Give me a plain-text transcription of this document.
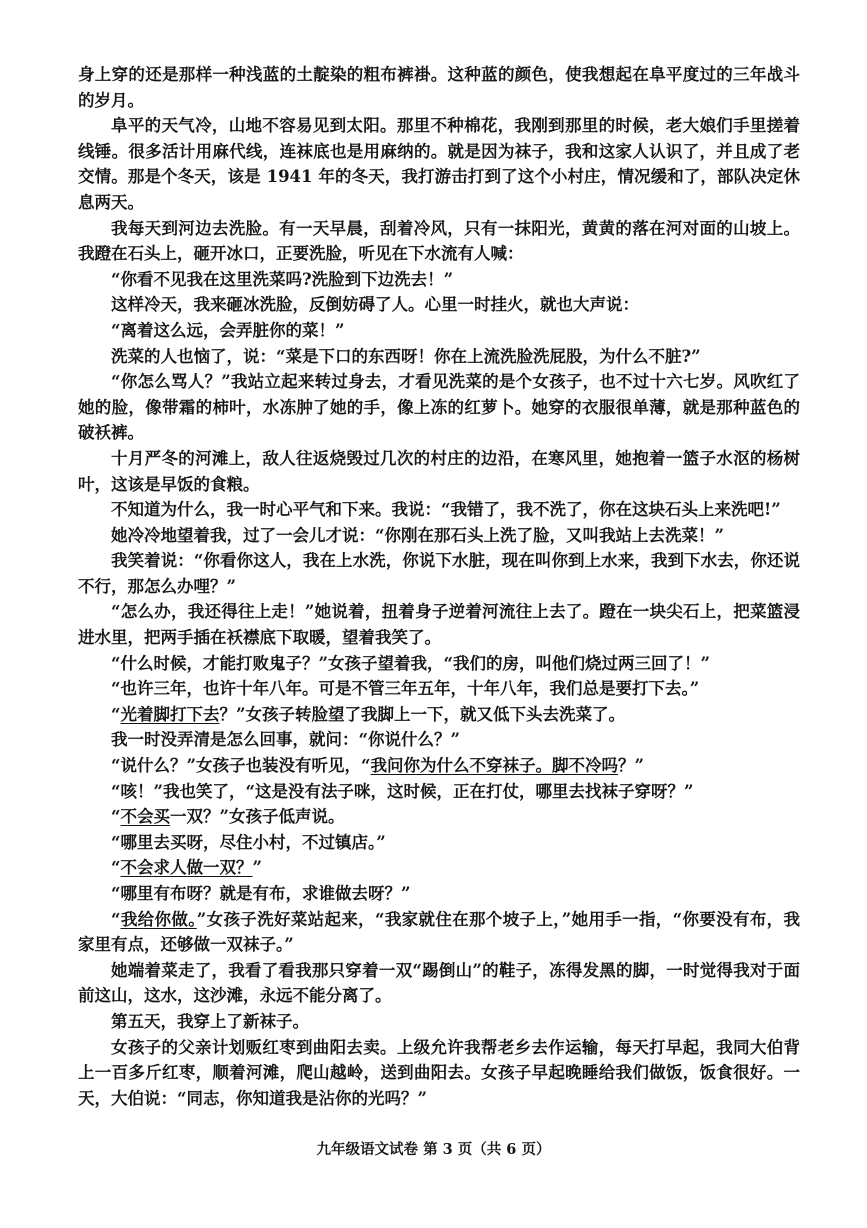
身上穿的还是那样一种浅蓝的土靛染的粗布裤褂。这种蓝的颜色，使我想起在阜平度过的三年战斗的岁月。

阜平的天气冷，山地不容易见到太阳。那里不种棉花，我刚到那里的时候，老大娘们手里搓着线锤。很多活计用麻代线，连袜底也是用麻纳的。就是因为袜子，我和这家人认识了，并且成了老交情。那是个冬天，该是 1941 年的冬天，我打游击打到了这个小村庄，情况缓和了，部队决定休息两天。

我每天到河边去洗脸。有一天早晨，刮着冷风，只有一抹阳光，黄黄的落在河对面的山坡上。我蹬在石头上，砸开冰口，正要洗脸，听见在下水流有人喊：

“你看不见我在这里洗菜吗?洗脸到下边洗去！”

这样冷天，我来砸冰洗脸，反倒妨碍了人。心里一时挂火，就也大声说：

“离着这么远，会弄脏你的菜！”

洗菜的人也恼了，说：“菜是下口的东西呀！你在上流洗脸洗屁股，为什么不脏?”

“你怎么骂人？”我站立起来转过身去，才看见洗菜的是个女孩子，也不过十六七岁。风吹红了她的脸，像带霜的柿叶，水冻肿了她的手，像上冻的红萝卜。她穿的衣服很单薄，就是那种蓝色的破袄裤。

十月严冬的河滩上，敌人往返烧毁过几次的村庄的边沿，在寒风里，她抱着一篮子水沤的杨树叶，这该是早饭的食粮。

不知道为什么，我一时心平气和下来。我说：“我错了，我不洗了，你在这块石头上来洗吧!”

她冷冷地望着我，过了一会儿才说：“你刚在那石头上洗了脸，又叫我站上去洗菜！”

我笑着说：“你看你这人，我在上水洗，你说下水脏，现在叫你到上水来，我到下水去，你还说不行，那怎么办哩？”

“怎么办，我还得往上走！”她说着，扭着身子逆着河流往上去了。蹬在一块尖石上，把菜篮浸进水里，把两手插在袄襟底下取暖，望着我笑了。

“什么时候，才能打败鬼子？”女孩子望着我，“我们的房，叫他们烧过两三回了！”

“也许三年，也许十年八年。可是不管三年五年，十年八年，我们总是要打下去。”

“光着脚打下去？”女孩子转脸望了我脚上一下，就又低下头去洗菜了。

我一时没弄清是怎么回事，就问：“你说什么？”

“说什么？”女孩子也装没有听见，“我问你为什么不穿袜子。脚不冷吗？”

“咳！”我也笑了，“这是没有法子咪，这时候，正在打仗，哪里去找袜子穿呀？”

“不会买一双？”女孩子低声说。

“哪里去买呀，尽住小村，不过镇店。”

“不会求人做一双？”

“哪里有布呀？就是有布，求谁做去呀？”

“我给你做。”女孩子洗好菜站起来，“我家就住在那个坡子上，”她用手一指，“你要没有布，我家里有点，还够做一双袜子。”

她端着菜走了，我看了看我那只穿着一双“踢倒山”的鞋子，冻得发黑的脚，一时觉得我对于面前这山，这水，这沙滩，永远不能分离了。

第五天，我穿上了新袜子。

女孩子的父亲计划贩红枣到曲阳去卖。上级允许我帮老乡去作运输，每天打早起，我同大伯背上一百多斤红枣，顺着河滩，爬山越岭，送到曲阳去。女孩子早起晚睡给我们做饭，饭食很好。一天，大伯说：“同志，你知道我是沾你的光吗？”

九年级语文试卷 第 3 页（共 6 页）
